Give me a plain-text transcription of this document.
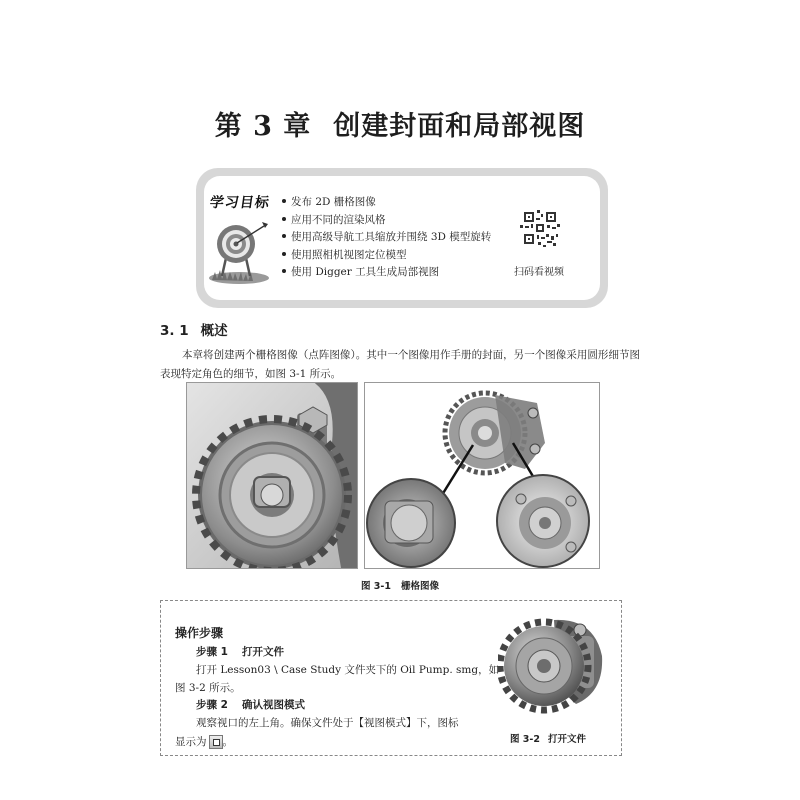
第 3 章 创建封面和局部视图
学习目标	发布 2D 栅格图像
应用不同的渲染风格
使用高级导航工具缩放并围绕 3D 模型旋转
使用照相机视图定位模型
使用 Digger 工具生成局部视图	扫码看视频
3. 1 概述
本章将创建两个栅格图像（点阵图像）。其中一个图像用作手册的封面，另一个图像采用圆形细节图表现特定角色的细节，如图 3-1 所示。
图 3-1 栅格图像
操作步骤
步骤 1 打开文件
打开 Lesson03 \ Case Study 文件夹下的 Oil Pump. smg，如
图 3-2 所示。
步骤 2 确认视图模式
观察视口的左上角。确保文件处于【视图模式】下，图标
显示为 。	图 3-2 打开文件
